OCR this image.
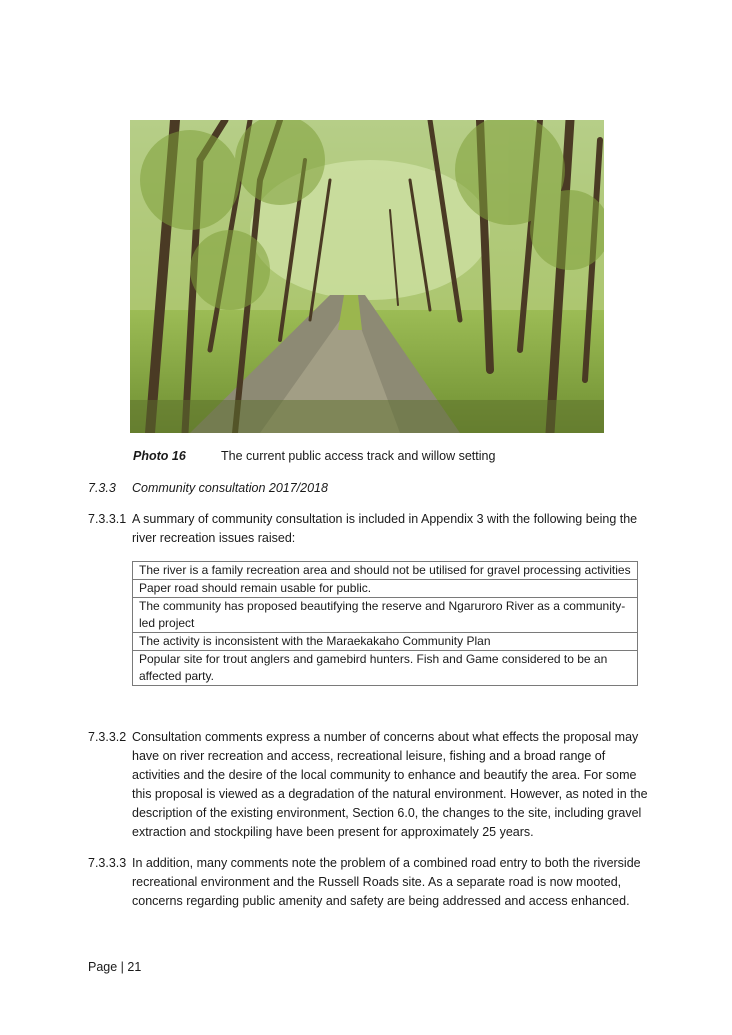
Photo 16	The current public access track and willow setting
7.3.3 Community consultation 2017/2018
7.3.3.1 A summary of community consultation is included in Appendix 3 with the following being the river recreation issues raised:
The river is a family recreation area and should not be utilised for gravel processing activities
Paper road should remain usable for public.
The community has proposed beautifying the reserve and Ngaruroro River as a community-led project
The activity is inconsistent with the Maraekakaho Community Plan
Popular site for trout anglers and gamebird hunters. Fish and Game considered to be an affected party.
7.3.3.2 Consultation comments express a number of concerns about what effects the proposal may have on river recreation and access, recreational leisure, fishing and a broad range of activities and the desire of the local community to enhance and beautify the area. For some this proposal is viewed as a degradation of the natural environment. However, as noted in the description of the existing environment, Section 6.0, the changes to the site, including gravel extraction and stockpiling have been present for approximately 25 years.
7.3.3.3 In addition, many comments note the problem of a combined road entry to both the riverside recreational environment and the Russell Roads site. As a separate road is now mooted, concerns regarding public amenity and safety are being addressed and access enhanced.
Page | 21
